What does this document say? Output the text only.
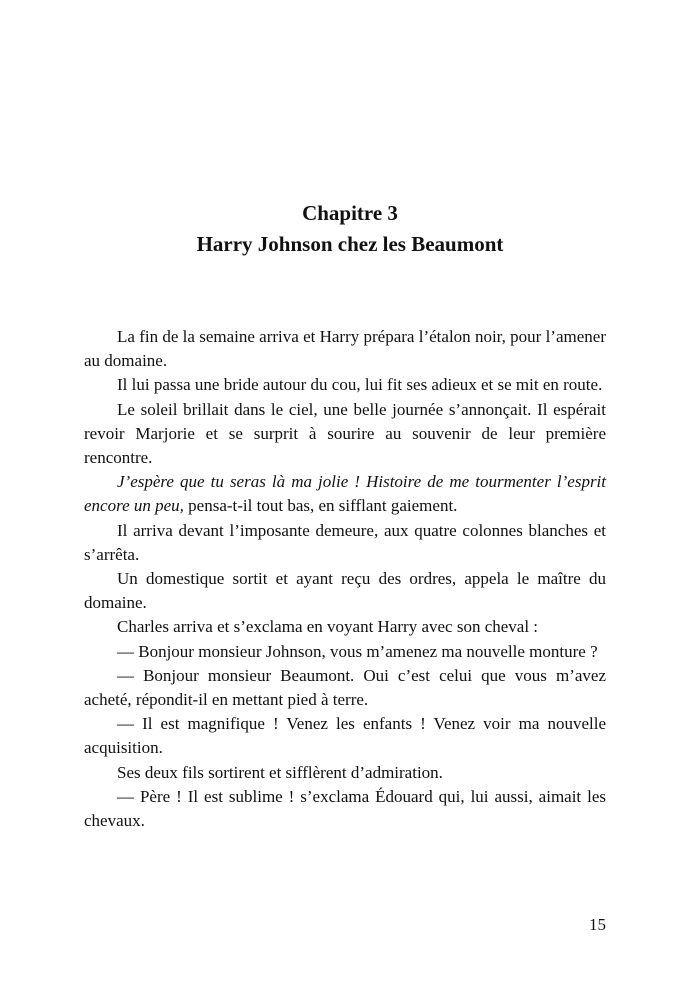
Chapitre 3
Harry Johnson chez les Beaumont

La fin de la semaine arriva et Harry prépara l’étalon noir, pour l’amener au domaine.

Il lui passa une bride autour du cou, lui fit ses adieux et se mit en route.

Le soleil brillait dans le ciel, une belle journée s’annonçait. Il espérait revoir Marjorie et se surprit à sourire au souvenir de leur première rencontre.

J’espère que tu seras là ma jolie ! Histoire de me tourmenter l’esprit encore un peu, pensa-t-il tout bas, en sifflant gaiement.

Il arriva devant l’imposante demeure, aux quatre colonnes blanches et s’arrêta.

Un domestique sortit et ayant reçu des ordres, appela le maître du domaine.

Charles arriva et s’exclama en voyant Harry avec son cheval :

— Bonjour monsieur Johnson, vous m’amenez ma nouvelle monture ?

— Bonjour monsieur Beaumont. Oui c’est celui que vous m’avez acheté, répondit-il en mettant pied à terre.

— Il est magnifique ! Venez les enfants ! Venez voir ma nouvelle acquisition.

Ses deux fils sortirent et sifflèrent d’admiration.

— Père ! Il est sublime ! s’exclama Édouard qui, lui aussi, aimait les chevaux.

15
